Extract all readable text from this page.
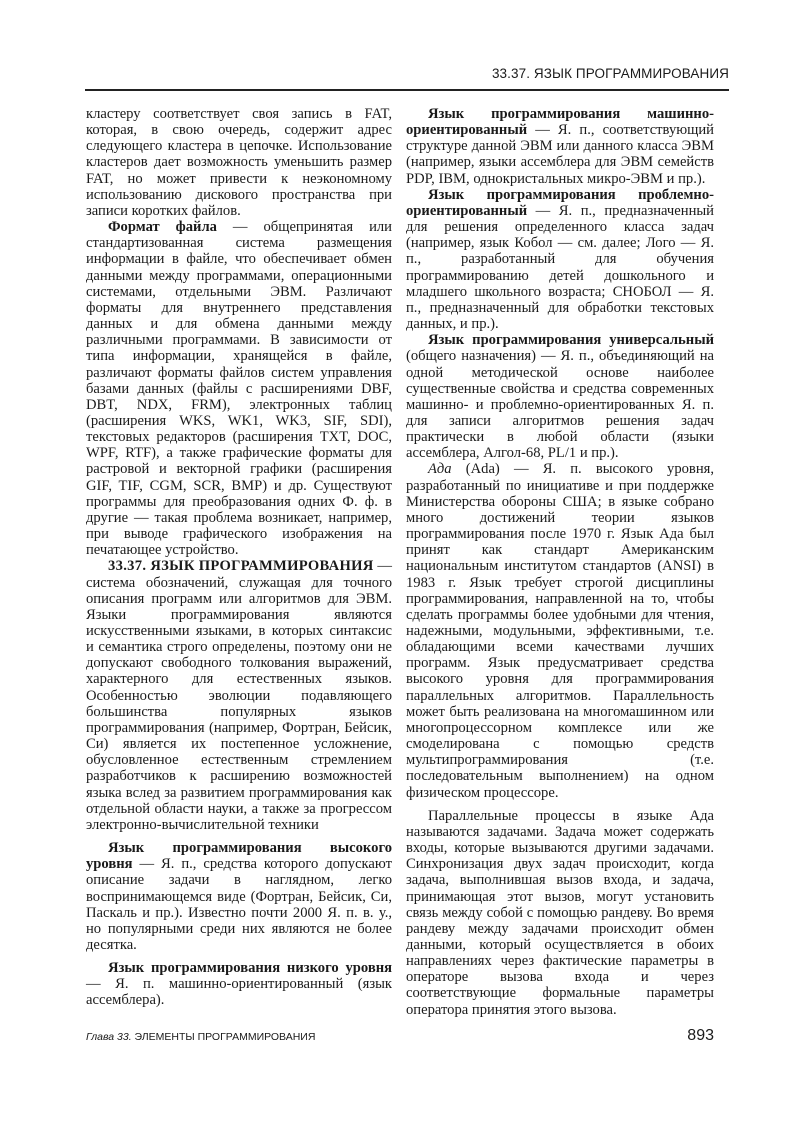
33.37. ЯЗЫК ПРОГРАММИРОВАНИЯ

кластеру соответствует своя запись в FAT, которая, в свою очередь, содержит адрес следующего кластера в цепочке. Использование кластеров дает возможность уменьшить размер FAT, но может привести к неэкономному использованию дискового пространства при записи коротких файлов.

Формат файла — общепринятая или стандартизованная система размещения информации в файле, что обеспечивает обмен данными между программами, операционными системами, отдельными ЭВМ. Различают форматы для внутреннего представления данных и для обмена данными между различными программами. В зависимости от типа информации, хранящейся в файле, различают форматы файлов систем управления базами данных (файлы с расширениями DBF, DBT, NDX, FRM), электронных таблиц (расширения WKS, WK1, WK3, SIF, SDI), текстовых редакторов (расширения TXT, DOC, WPF, RTF), а также графические форматы для растровой и векторной графики (расширения GIF, TIF, CGM, SCR, BMP) и др. Существуют программы для преобразования одних Ф. ф. в другие — такая проблема возникает, например, при выводе графического изображения на печатающее устройство.

33.37. ЯЗЫК ПРОГРАММИРОВАНИЯ — система обозначений, служащая для точного описания программ или алгоритмов для ЭВМ. Языки программирования являются искусственными языками, в которых синтаксис и семантика строго определены, поэтому они не допускают свободного толкования выражений, характерного для естественных языков. Особенностью эволюции подавляющего большинства популярных языков программирования (например, Фортран, Бейсик, Си) является их постепенное усложнение, обусловленное естественным стремлением разработчиков к расширению возможностей языка вслед за развитием программирования как отдельной области науки, а также за прогрессом электронно-вычислительной техники

Язык программирования высокого уровня — Я. п., средства которого допускают описание задачи в наглядном, легко воспринимающемся виде (Фортран, Бейсик, Си, Паскаль и пр.). Известно почти 2000 Я. п. в. у., но популярными среди них являются не более десятка.

Язык программирования низкого уровня — Я. п. машинно-ориентированный (язык ассемблера).

Язык программирования машинно-ориентированный — Я. п., соответствующий структуре данной ЭВМ или данного класса ЭВМ (например, языки ассемблера для ЭВМ семейств PDP, IBM, однокристальных микро-ЭВМ и пр.).

Язык программирования проблемно-ориентированный — Я. п., предназначенный для решения определенного класса задач (например, язык Кобол — см. далее; Лого — Я. п., разработанный для обучения программированию детей дошкольного и младшего школьного возраста; СНОБОЛ — Я. п., предназначенный для обработки текстовых данных, и пр.).

Язык программирования универсальный (общего назначения) — Я. п., объединяющий на одной методической основе наиболее существенные свойства и средства современных машинно- и проблемно-ориентированных Я. п. для записи алгоритмов решения задач практически в любой области (языки ассемблера, Алгол-68, PL/1 и пр.).

Ада (Ada) — Я. п. высокого уровня, разработанный по инициативе и при поддержке Министерства обороны США; в языке собрано много достижений теории языков программирования после 1970 г. Язык Ада был принят как стандарт Американским национальным институтом стандартов (ANSI) в 1983 г. Язык требует строгой дисциплины программирования, направленной на то, чтобы сделать программы более удобными для чтения, надежными, модульными, эффективными, т.е. обладающими всеми качествами лучших программ. Язык предусматривает средства высокого уровня для программирования параллельных алгоритмов. Параллельность может быть реализована на многомашинном или многопроцессорном комплексе или же смоделирована с помощью средств мультипрограммирования (т.е. последовательным выполнением) на одном физическом процессоре.

Параллельные процессы в языке Ада называются задачами. Задача может содержать входы, которые вызываются другими задачами. Синхронизация двух задач происходит, когда задача, выполнившая вызов входа, и задача, принимающая этот вызов, могут установить связь между собой с помощью рандеву. Во время рандеву между задачами происходит обмен данными, который осуществляется в обоих направлениях через фактические параметры в операторе вызова входа и через соответствующие формальные параметры оператора принятия этого вызова.

Глава 33. ЭЛЕМЕНТЫ ПРОГРАММИРОВАНИЯ	893
